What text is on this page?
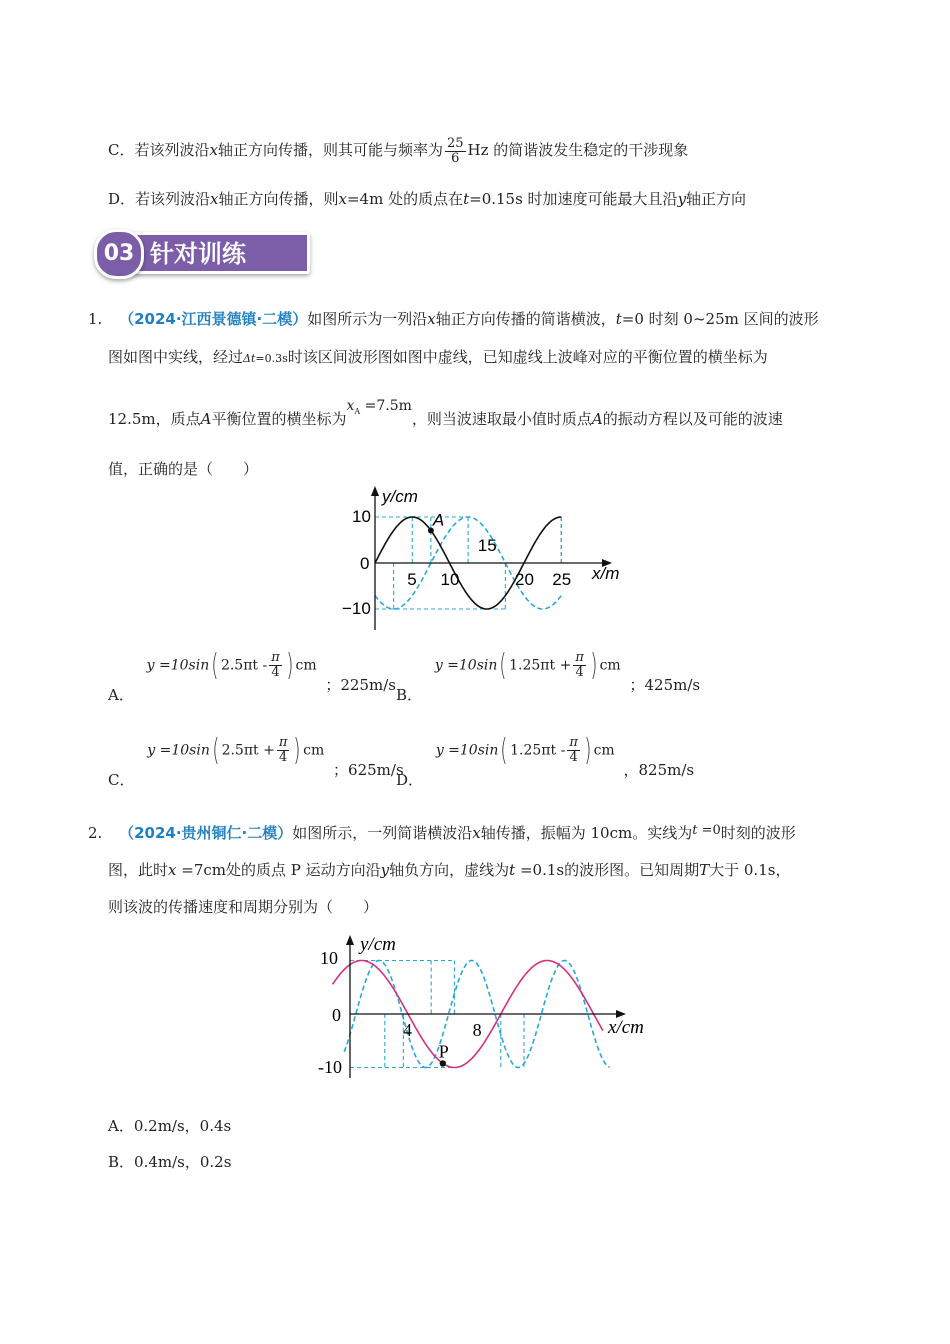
C．若该列波沿x轴正方向传播，则其可能与频率为 $\frac{25}{6}$ Hz 的简谐波发生稳定的干涉现象
D．若该列波沿x轴正方向传播，则x=4m 处的质点在t=0.15s 时加速度可能最大且沿y轴正方向
03 针对训练
1. （2024·江西景德镇·二模）如图所示为一列沿x轴正方向传播的简谐横波，t=0 时刻 0~25m 区间的波形
图如图中实线，经过Δt=0.3s时该区间波形图如图中虚线，已知虚线上波峰对应的平衡位置的横坐标为
12.5m，质点A平衡位置的横坐标为$x_A =7.5m$，则当波速取最小值时质点A的振动方程以及可能的波速
值，正确的是（　　）
y/cm
x/m
10
0
−10
5 10
15
20 25
A
A． y =10sin( $2.5\pi t - \frac{\pi}{4}$ ) cm ；225m/s
B． y =10sin( $1.25\pi t + \frac{\pi}{4}$ ) cm ；425m/s
C． y =10sin( $2.5\pi t + \frac{\pi}{4}$ ) cm ；625m/s
D． y =10sin( $1.25\pi t - \frac{\pi}{4}$ ) cm ，825m/s
2. （2024·贵州铜仁·二模）如图所示，一列简谐横波沿x轴传播，振幅为 10cm。实线为t =0时刻的波形
图，此时x =7cm处的质点 P 运动方向沿y轴负方向，虚线为t =0.1s的波形图。已知周期T大于 0.1s，
则该波的传播速度和周期分别为（　　）
y/cm
x/cm
10
0
-10
4	8
P
A．0.2m/s，0.4s
B．0.4m/s，0.2s
